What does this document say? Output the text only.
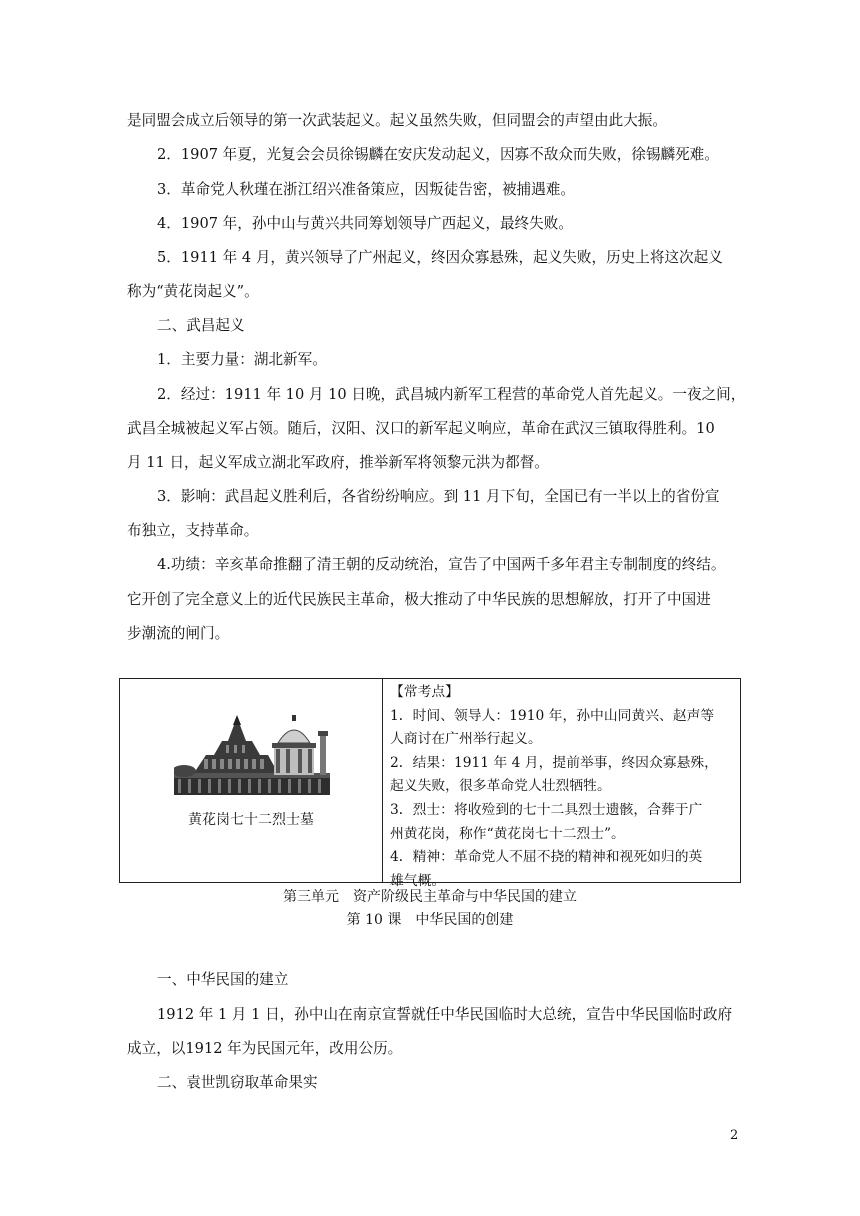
是同盟会成立后领导的第一次武装起义。起义虽然失败，但同盟会的声望由此大振。

2．1907 年夏，光复会会员徐锡麟在安庆发动起义，因寡不敌众而失败，徐锡麟死难。

3．革命党人秋瑾在浙江绍兴准备策应，因叛徒告密，被捕遇难。

4．1907 年，孙中山与黄兴共同筹划领导广西起义，最终失败。

5．1911 年 4 月，黄兴领导了广州起义，终因众寡悬殊，起义失败，历史上将这次起义

称为“黄花岗起义”。

二、武昌起义

1．主要力量：湖北新军。

2．经过：1911 年 10 月 10 日晚，武昌城内新军工程营的革命党人首先起义。一夜之间，

武昌全城被起义军占领。随后，汉阳、汉口的新军起义响应，革命在武汉三镇取得胜利。10

月 11 日，起义军成立湖北军政府，推举新军将领黎元洪为都督。

3．影响：武昌起义胜利后，各省纷纷响应。到 11 月下旬，全国已有一半以上的省份宣

布独立，支持革命。

4.功绩：辛亥革命推翻了清王朝的反动统治，宣告了中国两千多年君主专制制度的终结。

它开创了完全意义上的近代民族民主革命，极大推动了中华民族的思想解放，打开了中国进

步潮流的闸门。

黄花岗七十二烈士墓
【常考点】
1．时间、领导人：1910 年，孙中山同黄兴、赵声等
人商讨在广州举行起义。
2．结果：1911 年 4 月，提前举事，终因众寡悬殊，
起义失败，很多革命党人壮烈牺牲。
3．烈士：将收殓到的七十二具烈士遗骸，合葬于广
州黄花岗，称作“黄花岗七十二烈士”。
4．精神：革命党人不屈不挠的精神和视死如归的英
雄气概。
第三单元　资产阶级民主革命与中华民国的建立
第 10 课　中华民国的创建

一、中华民国的建立

1912 年 1 月 1 日，孙中山在南京宣誓就任中华民国临时大总统，宣告中华民国临时政府

成立，以1912 年为民国元年，改用公历。

二、袁世凯窃取革命果实

2
